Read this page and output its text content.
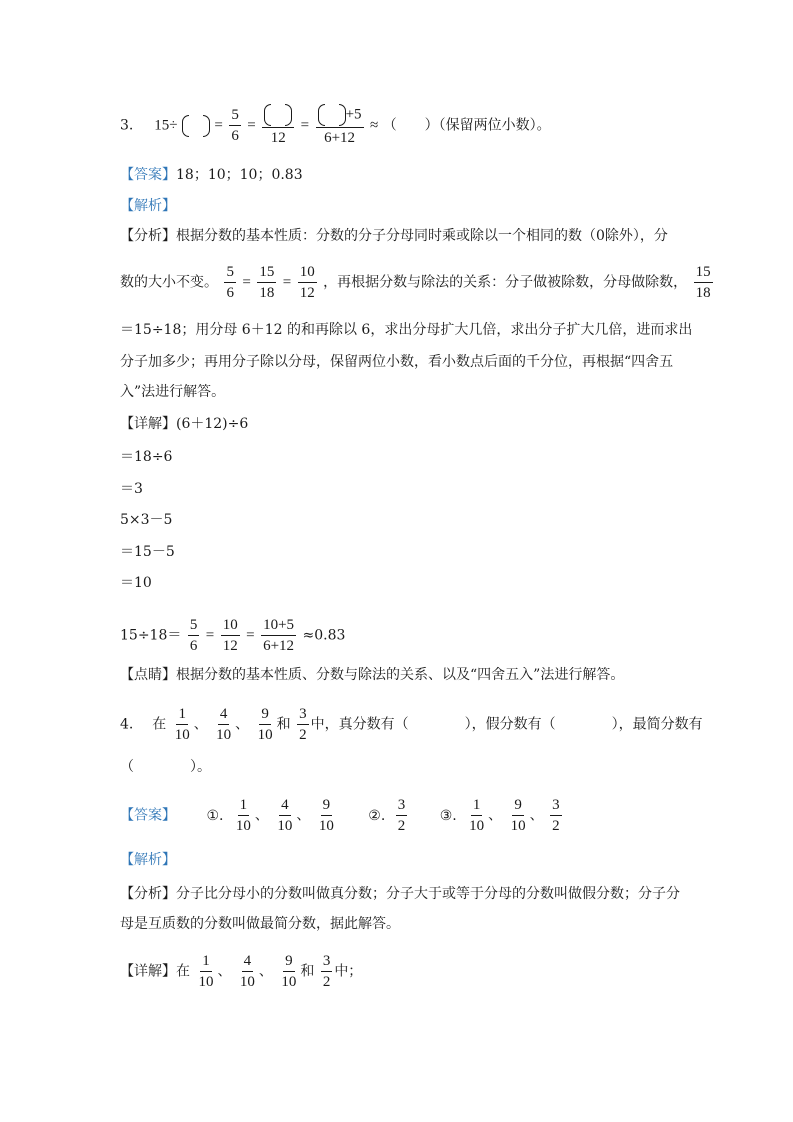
3. $15\div = \frac{5}{6}$ =
12
= $\frac{+5}{6+12}$ ≈ （　　）（保留两位小数）。
【答案】18；10；10；0.83
【解析】
【分析】根据分数的基本性质：分数的分子分母同时乘或除以一个相同的数（0除外），分
数的大小不变。 $\frac{5}{6} = \frac{15}{18} = \frac{10}{12}$ ，再根据分数与除法的关系：分子做被除数，分母做除数， $\frac{15}{18}$
＝15÷18；用分母 6＋12 的和再除以 6，求出分母扩大几倍，求出分子扩大几倍，进而求出
分子加多少；再用分子除以分母，保留两位小数，看小数点后面的千分位，再根据“四舍五
入”法进行解答。
【详解】(6＋12)÷6
＝18÷6
＝3
5×3－5
＝15－5
＝10
$15\div 18= \frac{5}{6} = \frac{10}{12} = \frac{10+5}{6+12} \approx 0.83$
【点睛】根据分数的基本性质、分数与除法的关系、以及“四舍五入”法进行解答。
4. 在 $\frac{1}{10}$ 、 $\frac{4}{10}$ 、 $\frac{9}{10}$ 和 $\frac{3}{2}$ 中，真分数有（　　　　），假分数有（　　　　），最简分数有
（　　　　）。
【答案】 ①. $\frac{1}{10}$ 、 $\frac{4}{10}$ 、 $\frac{9}{10}$ ②. $\frac{3}{2}$ ③. $\frac{1}{10}$ 、 $\frac{9}{10}$ 、 $\frac{3}{2}$
【解析】
【分析】分子比分母小的分数叫做真分数；分子大于或等于分母的分数叫做假分数；分子分
母是互质数的分数叫做最简分数，据此解答。
【详解】在 $\frac{1}{10}$ 、 $\frac{4}{10}$ 、 $\frac{9}{10}$ 和 $\frac{3}{2}$ 中；
